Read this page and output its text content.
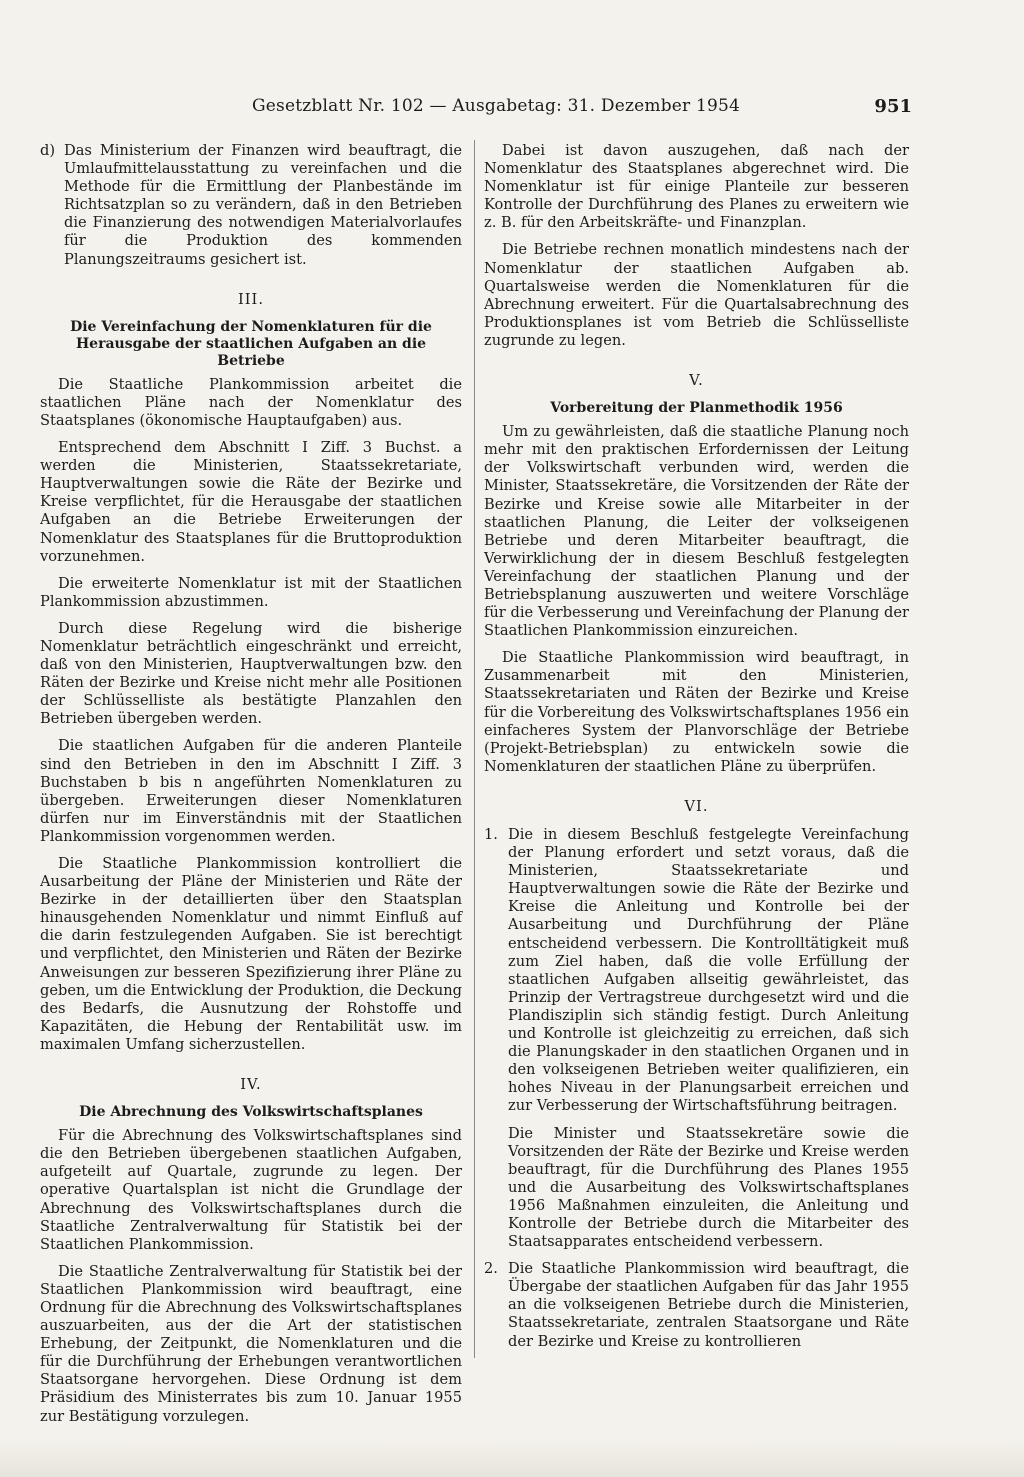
Gesetzblatt Nr. 102 — Ausgabetag: 31. Dezember 1954	951
d) Das Ministerium der Finanzen wird beauftragt, die Umlaufmittelausstattung zu vereinfachen und die Methode für die Ermittlung der Planbestände im Richtsatzplan so zu verändern, daß in den Betrieben die Finanzierung des notwendigen Materialvorlaufes für die Produktion des kommenden Planungszeitraums gesichert ist.

III.

Die Vereinfachung der Nomenklaturen für die Herausgabe der staatlichen Aufgaben an die Betriebe

Die Staatliche Plankommission arbeitet die staatlichen Pläne nach der Nomenklatur des Staatsplanes (ökonomische Hauptaufgaben) aus.

Entsprechend dem Abschnitt I Ziff. 3 Buchst. a werden die Ministerien, Staatssekretariate, Hauptverwaltungen sowie die Räte der Bezirke und Kreise verpflichtet, für die Herausgabe der staatlichen Aufgaben an die Betriebe Erweiterungen der Nomenklatur des Staatsplanes für die Bruttoproduktion vorzunehmen.

Die erweiterte Nomenklatur ist mit der Staatlichen Plankommission abzustimmen.

Durch diese Regelung wird die bisherige Nomenklatur beträchtlich eingeschränkt und erreicht, daß von den Ministerien, Hauptverwaltungen bzw. den Räten der Bezirke und Kreise nicht mehr alle Positionen der Schlüsselliste als bestätigte Planzahlen den Betrieben übergeben werden.

Die staatlichen Aufgaben für die anderen Planteile sind den Betrieben in den im Abschnitt I Ziff. 3 Buchstaben b bis n angeführten Nomenklaturen zu übergeben. Erweiterungen dieser Nomenklaturen dürfen nur im Einverständnis mit der Staatlichen Plankommission vorgenommen werden.

Die Staatliche Plankommission kontrolliert die Ausarbeitung der Pläne der Ministerien und Räte der Bezirke in der detaillierten über den Staatsplan hinausgehenden Nomenklatur und nimmt Einfluß auf die darin festzulegenden Aufgaben. Sie ist berechtigt und verpflichtet, den Ministerien und Räten der Bezirke Anweisungen zur besseren Spezifizierung ihrer Pläne zu geben, um die Entwicklung der Produktion, die Deckung des Bedarfs, die Ausnutzung der Rohstoffe und Kapazitäten, die Hebung der Rentabilität usw. im maximalen Umfang sicherzustellen.

IV.

Die Abrechnung des Volkswirtschaftsplanes

Für die Abrechnung des Volkswirtschaftsplanes sind die den Betrieben übergebenen staatlichen Aufgaben, aufgeteilt auf Quartale, zugrunde zu legen. Der operative Quartalsplan ist nicht die Grundlage der Abrechnung des Volkswirtschaftsplanes durch die Staatliche Zentralverwaltung für Statistik bei der Staatlichen Plankommission.

Die Staatliche Zentralverwaltung für Statistik bei der Staatlichen Plankommission wird beauftragt, eine Ordnung für die Abrechnung des Volkswirtschaftsplanes auszuarbeiten, aus der die Art der statistischen Erhebung, der Zeitpunkt, die Nomenklaturen und die für die Durchführung der Erhebungen verantwortlichen Staatsorgane hervorgehen. Diese Ordnung ist dem Präsidium des Ministerrates bis zum 10. Januar 1955 zur Bestätigung vorzulegen.

Dabei ist davon auszugehen, daß nach der Nomenklatur des Staatsplanes abgerechnet wird. Die Nomenklatur ist für einige Planteile zur besseren Kontrolle der Durchführung des Planes zu erweitern wie z. B. für den Arbeitskräfte- und Finanzplan.

Die Betriebe rechnen monatlich mindestens nach der Nomenklatur der staatlichen Aufgaben ab. Quartalsweise werden die Nomenklaturen für die Abrechnung erweitert. Für die Quartalsabrechnung des Produktionsplanes ist vom Betrieb die Schlüsselliste zugrunde zu legen.

V.

Vorbereitung der Planmethodik 1956

Um zu gewährleisten, daß die staatliche Planung noch mehr mit den praktischen Erfordernissen der Leitung der Volkswirtschaft verbunden wird, werden die Minister, Staatssekretäre, die Vorsitzenden der Räte der Bezirke und Kreise sowie alle Mitarbeiter in der staatlichen Planung, die Leiter der volkseigenen Betriebe und deren Mitarbeiter beauftragt, die Verwirklichung der in diesem Beschluß festgelegten Vereinfachung der staatlichen Planung und der Betriebsplanung auszuwerten und weitere Vorschläge für die Verbesserung und Vereinfachung der Planung der Staatlichen Plankommission einzureichen.

Die Staatliche Plankommission wird beauftragt, in Zusammenarbeit mit den Ministerien, Staatssekretariaten und Räten der Bezirke und Kreise für die Vorbereitung des Volkswirtschaftsplanes 1956 ein einfacheres System der Planvorschläge der Betriebe (Projekt-Betriebsplan) zu entwickeln sowie die Nomenklaturen der staatlichen Pläne zu überprüfen.

VI.

1. Die in diesem Beschluß festgelegte Vereinfachung der Planung erfordert und setzt voraus, daß die Ministerien, Staatssekretariate und Hauptverwaltungen sowie die Räte der Bezirke und Kreise die Anleitung und Kontrolle bei der Ausarbeitung und Durchführung der Pläne entscheidend verbessern. Die Kontrolltätigkeit muß zum Ziel haben, daß die volle Erfüllung der staatlichen Aufgaben allseitig gewährleistet, das Prinzip der Vertragstreue durchgesetzt wird und die Plandisziplin sich ständig festigt. Durch Anleitung und Kontrolle ist gleichzeitig zu erreichen, daß sich die Planungskader in den staatlichen Organen und in den volkseigenen Betrieben weiter qualifizieren, ein hohes Niveau in der Planungsarbeit erreichen und zur Verbesserung der Wirtschaftsführung beitragen.

Die Minister und Staatssekretäre sowie die Vorsitzenden der Räte der Bezirke und Kreise werden beauftragt, für die Durchführung des Planes 1955 und die Ausarbeitung des Volkswirtschaftsplanes 1956 Maßnahmen einzuleiten, die Anleitung und Kontrolle der Betriebe durch die Mitarbeiter des Staatsapparates entscheidend verbessern.

2. Die Staatliche Plankommission wird beauftragt, die Übergabe der staatlichen Aufgaben für das Jahr 1955 an die volkseigenen Betriebe durch die Ministerien, Staatssekretariate, zentralen Staatsorgane und Räte der Bezirke und Kreise zu kontrollieren
